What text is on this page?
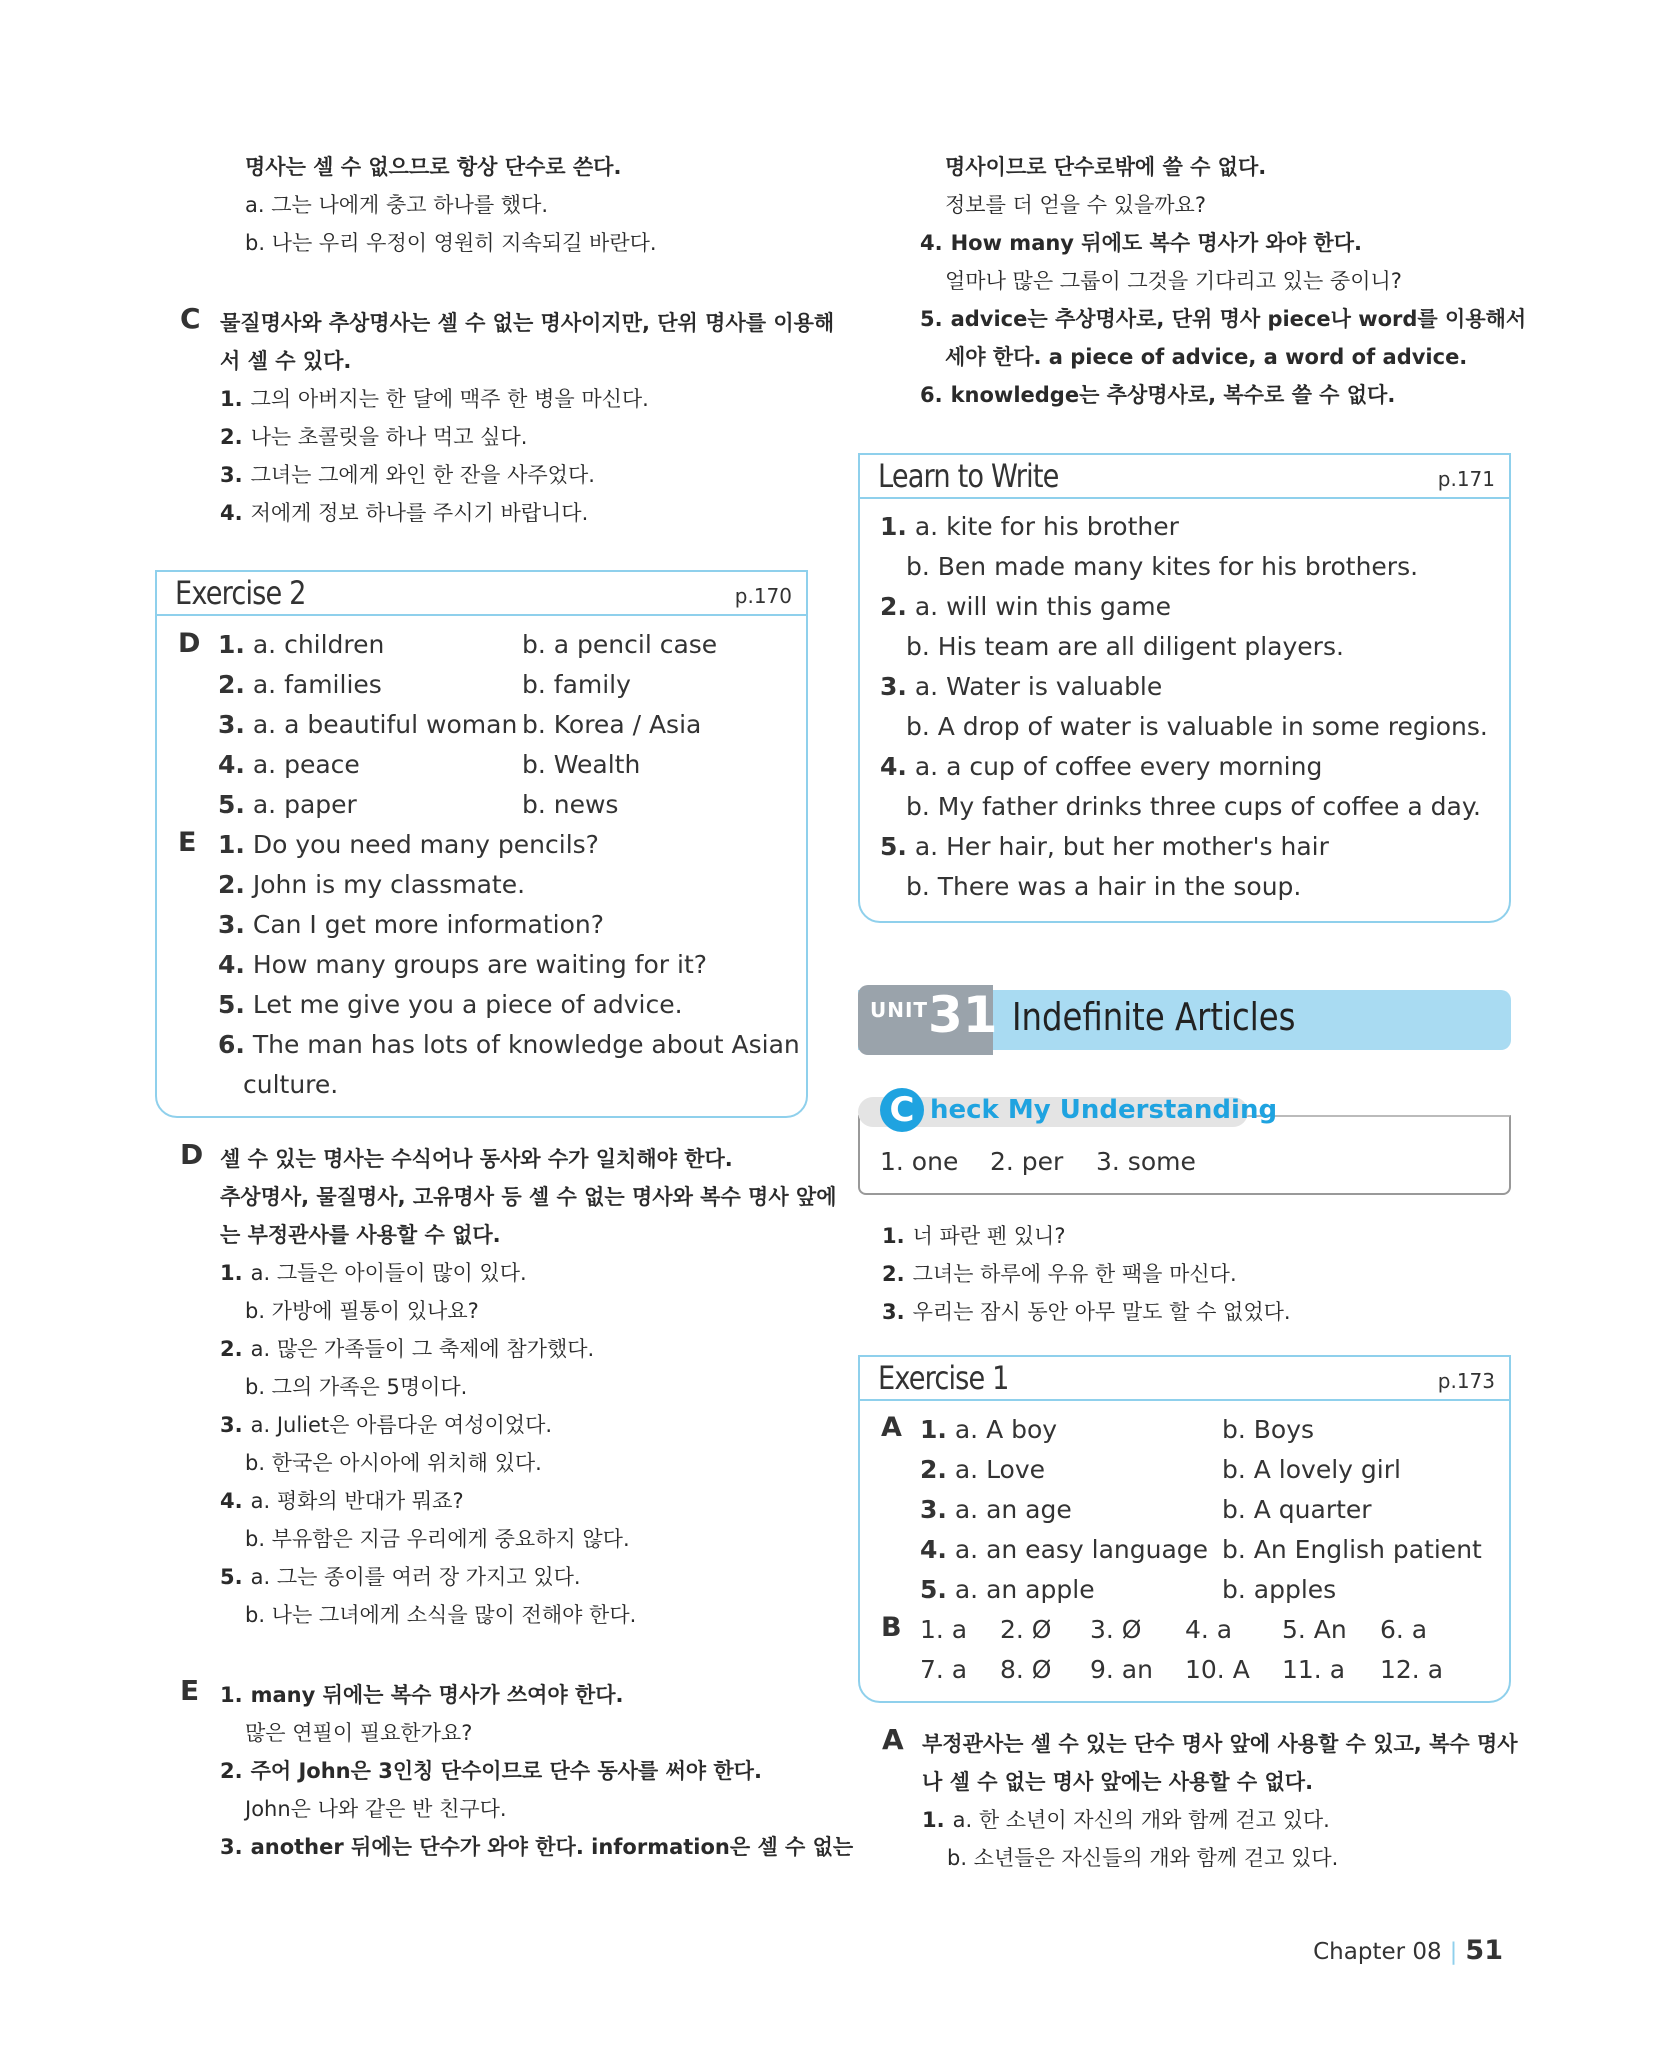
명사는 셀 수 없으므로 항상 단수로 쓴다.
a. 그는 나에게 충고 하나를 했다.
b. 나는 우리 우정이 영원히 지속되길 바란다.
C 물질명사와 추상명사는 셀 수 없는 명사이지만, 단위 명사를 이용해
서 셀 수 있다.
1. 그의 아버지는 한 달에 맥주 한 병을 마신다.
2. 나는 초콜릿을 하나 먹고 싶다.
3. 그녀는 그에게 와인 한 잔을 사주었다.
4. 저에게 정보 하나를 주시기 바랍니다.
Exercise 2	p.170
D 1. a. children	b. a pencil case
2. a. families	b. family
3. a. a beautiful woman b. Korea / Asia
4. a. peace	b. Wealth
5. a. paper	b. news
E 1. Do you need many pencils?
2. John is my classmate.
3. Can I get more information?
4. How many groups are waiting for it?
5. Let me give you a piece of advice.
6. The man has lots of knowledge about Asian
culture.
D 셀 수 있는 명사는 수식어나 동사와 수가 일치해야 한다.
추상명사, 물질명사, 고유명사 등 셀 수 없는 명사와 복수 명사 앞에
는 부정관사를 사용할 수 없다.
1. a. 그들은 아이들이 많이 있다.
b. 가방에 필통이 있나요?
2. a. 많은 가족들이 그 축제에 참가했다.
b. 그의 가족은 5명이다.
3. a. Juliet은 아름다운 여성이었다.
b. 한국은 아시아에 위치해 있다.
4. a. 평화의 반대가 뭐죠?
b. 부유함은 지금 우리에게 중요하지 않다.
5. a. 그는 종이를 여러 장 가지고 있다.
b. 나는 그녀에게 소식을 많이 전해야 한다.
E 1. many 뒤에는 복수 명사가 쓰여야 한다.
많은 연필이 필요한가요?
2. 주어 John은 3인칭 단수이므로 단수 동사를 써야 한다.
John은 나와 같은 반 친구다.
3. another 뒤에는 단수가 와야 한다. information은 셀 수 없는
명사이므로 단수로밖에 쓸 수 없다.
정보를 더 얻을 수 있을까요?
4. How many 뒤에도 복수 명사가 와야 한다.
얼마나 많은 그룹이 그것을 기다리고 있는 중이니?
5. advice는 추상명사로, 단위 명사 piece나 word를 이용해서
세야 한다. a piece of advice, a word of advice.
6. knowledge는 추상명사로, 복수로 쓸 수 없다.
Learn to Write	p.171
1. a. kite for his brother
b. Ben made many kites for his brothers.
2. a. will win this game
b. His team are all diligent players.
3. a. Water is valuable
b. A drop of water is valuable in some regions.
4. a. a cup of coffee every morning
b. My father drinks three cups of coffee a day.
5. a. Her hair, but her mother's hair
b. There was a hair in the soup.
UNIT 31 Indefinite Articles
C heck My Understanding
1. one 2. per 3. some
1. 너 파란 펜 있니?
2. 그녀는 하루에 우유 한 팩을 마신다.
3. 우리는 잠시 동안 아무 말도 할 수 없었다.
Exercise 1	p.173
A 1. a. A boy	b. Boys
2. a. Love	b. A lovely girl
3. a. an age	b. A quarter
4. a. an easy language b. An English patient
5. a. an apple	b. apples
B 1. a 2. Ø 3. Ø 4. a 5. An 6. a
7. a 8. Ø 9. an 10. A 11. a 12. a
A 부정관사는 셀 수 있는 단수 명사 앞에 사용할 수 있고, 복수 명사
나 셀 수 없는 명사 앞에는 사용할 수 없다.
1. a. 한 소년이 자신의 개와 함께 걷고 있다.
b. 소년들은 자신들의 개와 함께 걷고 있다.
Chapter 08 | 51
